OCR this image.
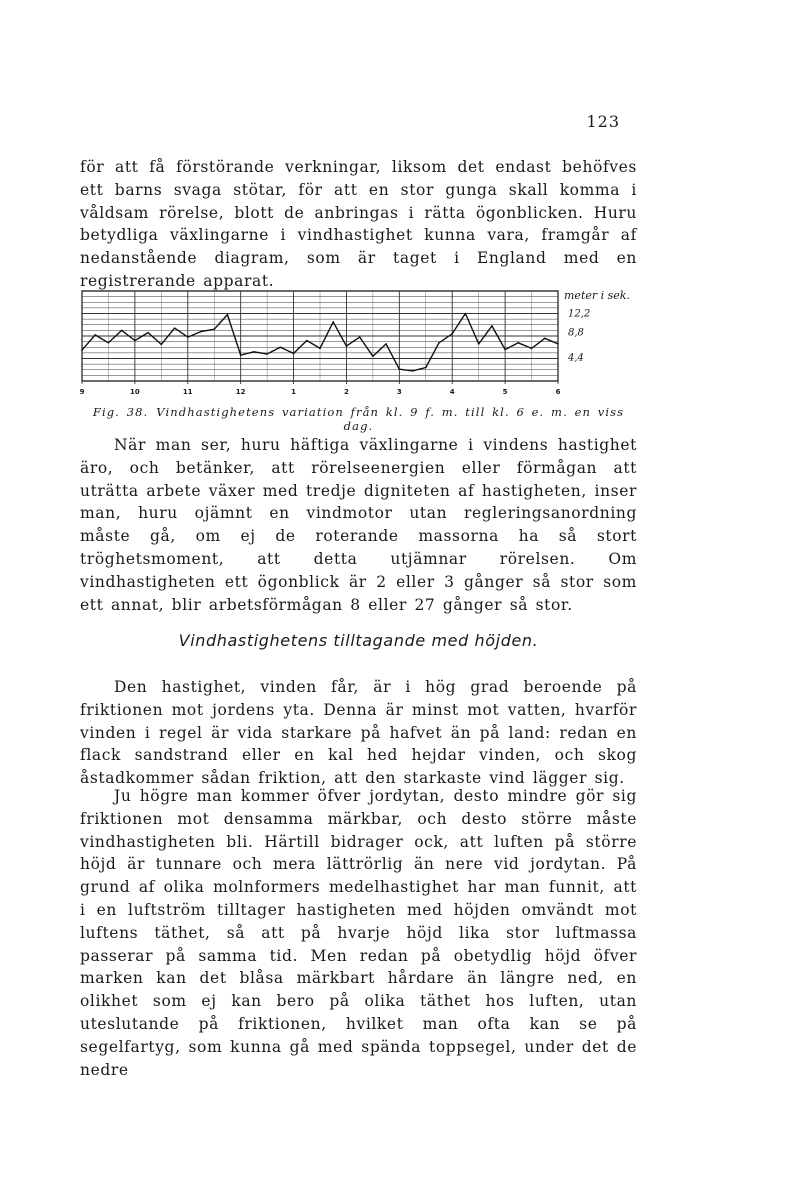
123

för att få förstörande verkningar, liksom det endast behöfves ett barns svaga stötar, för att en stor gunga skall komma i våldsam rörelse, blott de anbringas i rätta ögonblicken. Huru betydliga växlingarne i vindhastighet kunna vara, framgår af nedanstående diagram, som är taget i England med en registrerande apparat.

9	10	11	12	1	2	3	4	5	6
meter i sek.
12,2
8,8
4,4
Fig. 38. Vindhastighetens variation från kl. 9 f. m. till kl. 6 e. m. en viss dag.

När man ser, huru häftiga växlingarne i vindens hastighet äro, och betänker, att rörelseenergien eller förmågan att uträtta arbete växer med tredje digniteten af hastigheten, inser man, huru ojämnt en vindmotor utan regleringsanordning måste gå, om ej de roterande massorna ha så stort tröghetsmoment, att detta utjämnar rörelsen. Om vindhastigheten ett ögonblick är 2 eller 3 gånger så stor som ett annat, blir arbetsförmågan 8 eller 27 gånger så stor.

Vindhastighetens tilltagande med höjden.

Den hastighet, vinden får, är i hög grad beroende på friktionen mot jordens yta. Denna är minst mot vatten, hvarför vinden i regel är vida starkare på hafvet än på land: redan en flack sandstrand eller en kal hed hejdar vinden, och skog åstadkommer sådan friktion, att den starkaste vind lägger sig.

Ju högre man kommer öfver jordytan, desto mindre gör sig friktionen mot densamma märkbar, och desto större måste vindhastigheten bli. Härtill bidrager ock, att luften på större höjd är tunnare och mera lättrörlig än nere vid jordytan. På grund af olika molnformers medelhastighet har man funnit, att i en luftström tilltager hastigheten med höjden omvändt mot luftens täthet, så att på hvarje höjd lika stor luftmassa passerar på samma tid. Men redan på obetydlig höjd öfver marken kan det blåsa märkbart hårdare än längre ned, en olikhet som ej kan bero på olika täthet hos luften, utan uteslutande på friktionen, hvilket man ofta kan se på segelfartyg, som kunna gå med spända toppsegel, under det de nedre
